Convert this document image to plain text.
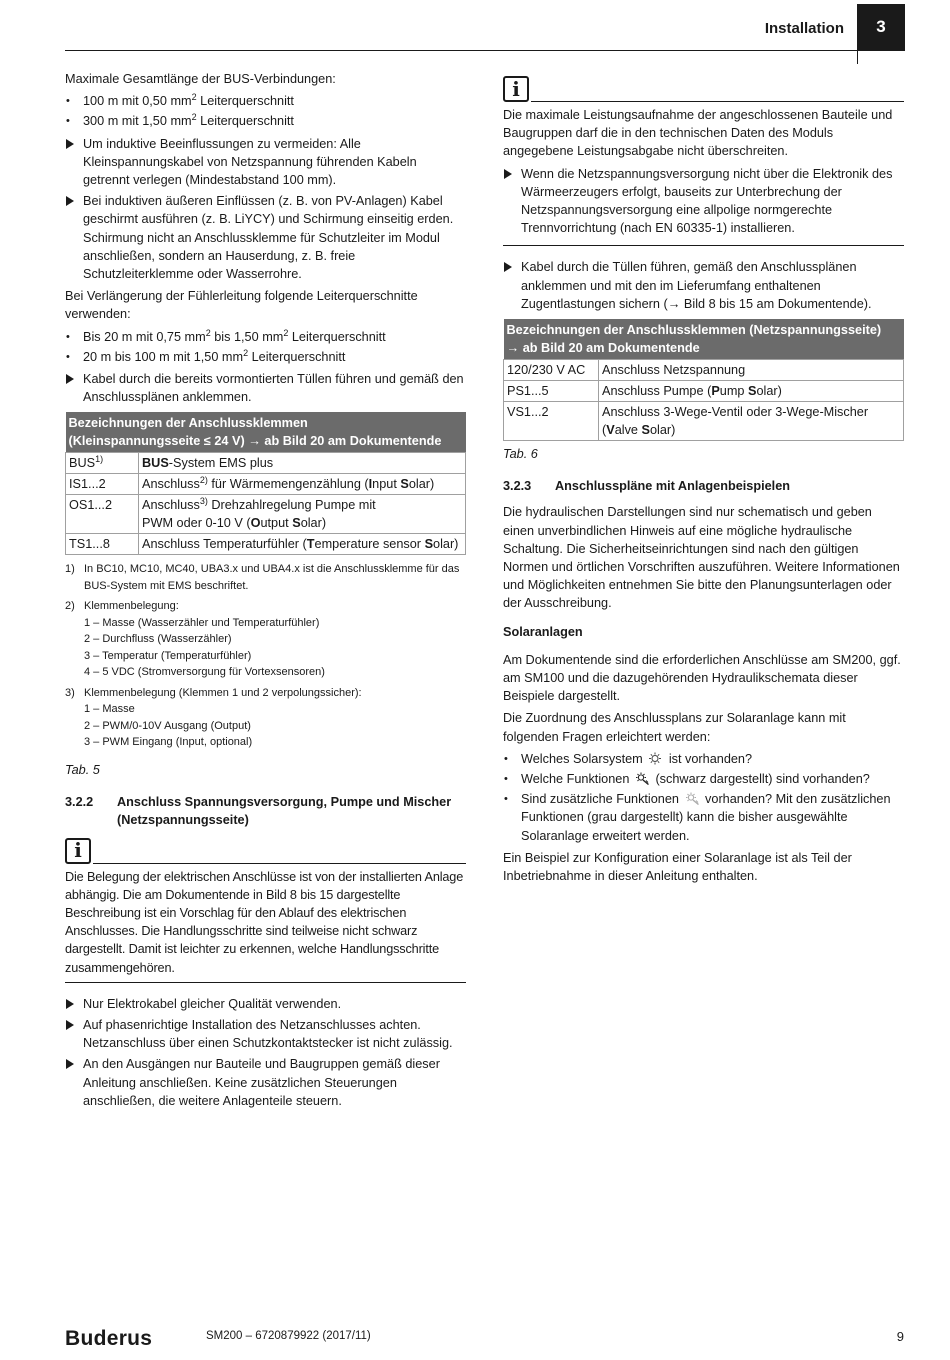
Installation	3

Maximale Gesamtlänge der BUS-Verbindungen:

• 100 m mit 0,50 $mm^2$ Leiterquerschnitt
• 300 m mit 1,50 $mm^2$ Leiterquerschnitt
Um induktive Beeinflussungen zu vermeiden: Alle Kleinspannungskabel von Netzspannung führenden Kabeln getrennt verlegen (Mindestabstand 100 mm).
Bei induktiven äußeren Einflüssen (z. B. von PV-Anlagen) Kabel geschirmt ausführen (z. B. LiYCY) und Schirmung einseitig erden. Schirmung nicht an Anschlussklemme für Schutzleiter im Modul anschließen, sondern an Hauserdung, z. B. freie Schutzleiterklemme oder Wasserrohre.

Bei Verlängerung der Fühlerleitung folgende Leiterquerschnitte verwenden:

• Bis 20 m mit 0,75 $mm^2$ bis 1,50 $mm^2$ Leiterquerschnitt
• 20 m bis 100 m mit 1,50 $mm^2$ Leiterquerschnitt
Kabel durch die bereits vormontierten Tüllen führen und gemäß den Anschlussplänen anklemmen.
Bezeichnungen der Anschlussklemmen
(Kleinspannungsseite ≤ 24 V) → ab Bild 20 am Dokumentende	
BUS$^{1)}$	BUS-System EMS plus
IS1...2	Anschluss$^{2)}$ für Wärmemengenzählung (Input Solar)
OS1...2	Anschluss$^{3)}$ Drehzahlregelung Pumpe mit
PWM oder 0-10 V (Output Solar)
TS1...8	Anschluss Temperaturfühler (Temperature sensor Solar)
1) In BC10, MC10, MC40, UBA3.x und UBA4.x ist die Anschlussklemme für das BUS-System mit EMS beschriftet.
2) Klemmenbelegung:
1 – Masse (Wasserzähler und Temperaturfühler)
2 – Durchfluss (Wasserzähler)
3 – Temperatur (Temperaturfühler)
4 – 5 VDC (Stromversorgung für Vortexsensoren)
3) Klemmenbelegung (Klemmen 1 und 2 verpolungssicher):
1 – Masse
2 – PWM/0-10V Ausgang (Output)
3 – PWM Eingang (Input, optional)
Tab. 5
3.2.2	Anschluss Spannungsversorgung, Pumpe und Mischer (Netzspannungsseite)
i
Die Belegung der elektrischen Anschlüsse ist von der installierten Anlage abhängig. Die am Dokumentende in Bild 8 bis 15 dargestellte Beschreibung ist ein Vorschlag für den Ablauf des elektrischen Anschlusses. Die Handlungsschritte sind teilweise nicht schwarz dargestellt. Damit ist leichter zu erkennen, welche Handlungsschritte zusammengehören.
Nur Elektrokabel gleicher Qualität verwenden.
Auf phasenrichtige Installation des Netzanschlusses achten. Netzanschluss über einen Schutzkontaktstecker ist nicht zulässig.
An den Ausgängen nur Bauteile und Baugruppen gemäß dieser Anleitung anschließen. Keine zusätzlichen Steuerungen anschließen, die weitere Anlagenteile steuern.
i

Die maximale Leistungsaufnahme der angeschlossenen Bauteile und Baugruppen darf die in den technischen Daten des Moduls angegebene Leistungsabgabe nicht überschreiten.

Wenn die Netzspannungsversorgung nicht über die Elektronik des Wärmeerzeugers erfolgt, bauseits zur Unterbrechung der Netzspannungsversorgung eine allpolige normgerechte Trennvorrichtung (nach EN 60335-1) installieren.
Kabel durch die Tüllen führen, gemäß den Anschlussplänen anklemmen und mit den im Lieferumfang enthaltenen Zugentlastungen sichern (→ Bild 8 bis 15 am Dokumentende).
Bezeichnungen der Anschlussklemmen (Netzspannungsseite)
→ ab Bild 20 am Dokumentende	
120/230 V AC	Anschluss Netzspannung
PS1...5	Anschluss Pumpe (Pump Solar)
VS1...2	Anschluss 3-Wege-Ventil oder 3-Wege-Mischer
(Valve Solar)
Tab. 6
3.2.3	Anschlusspläne mit Anlagenbeispielen

Die hydraulischen Darstellungen sind nur schematisch und geben einen unverbindlichen Hinweis auf eine mögliche hydraulische Schaltung. Die Sicherheitseinrichtungen sind nach den gültigen Normen und örtlichen Vorschriften auszuführen. Weitere Informationen und Möglichkeiten entnehmen Sie bitte den Planungsunterlagen oder der Ausschreibung.

Solaranlagen

Am Dokumentende sind die erforderlichen Anschlüsse am SM200, ggf. am SM100 und die dazugehörenden Hydraulikschemata dieser Beispiele dargestellt.

Die Zuordnung des Anschlussplans zur Solaranlage kann mit folgenden Fragen erleichtert werden:

• Welches Solarsystem ist vorhanden?
• Welche Funktionen (schwarz dargestellt) sind vorhanden?
• Sind zusätzliche Funktionen vorhanden? Mit den zusätzlichen Funktionen (grau dargestellt) kann die bisher ausgewählte Solaranlage erweitert werden.

Ein Beispiel zur Konfiguration einer Solaranlage ist als Teil der Inbetriebnahme in dieser Anleitung enthalten.

Buderus	SM200 – 6720879922 (2017/11)	9
